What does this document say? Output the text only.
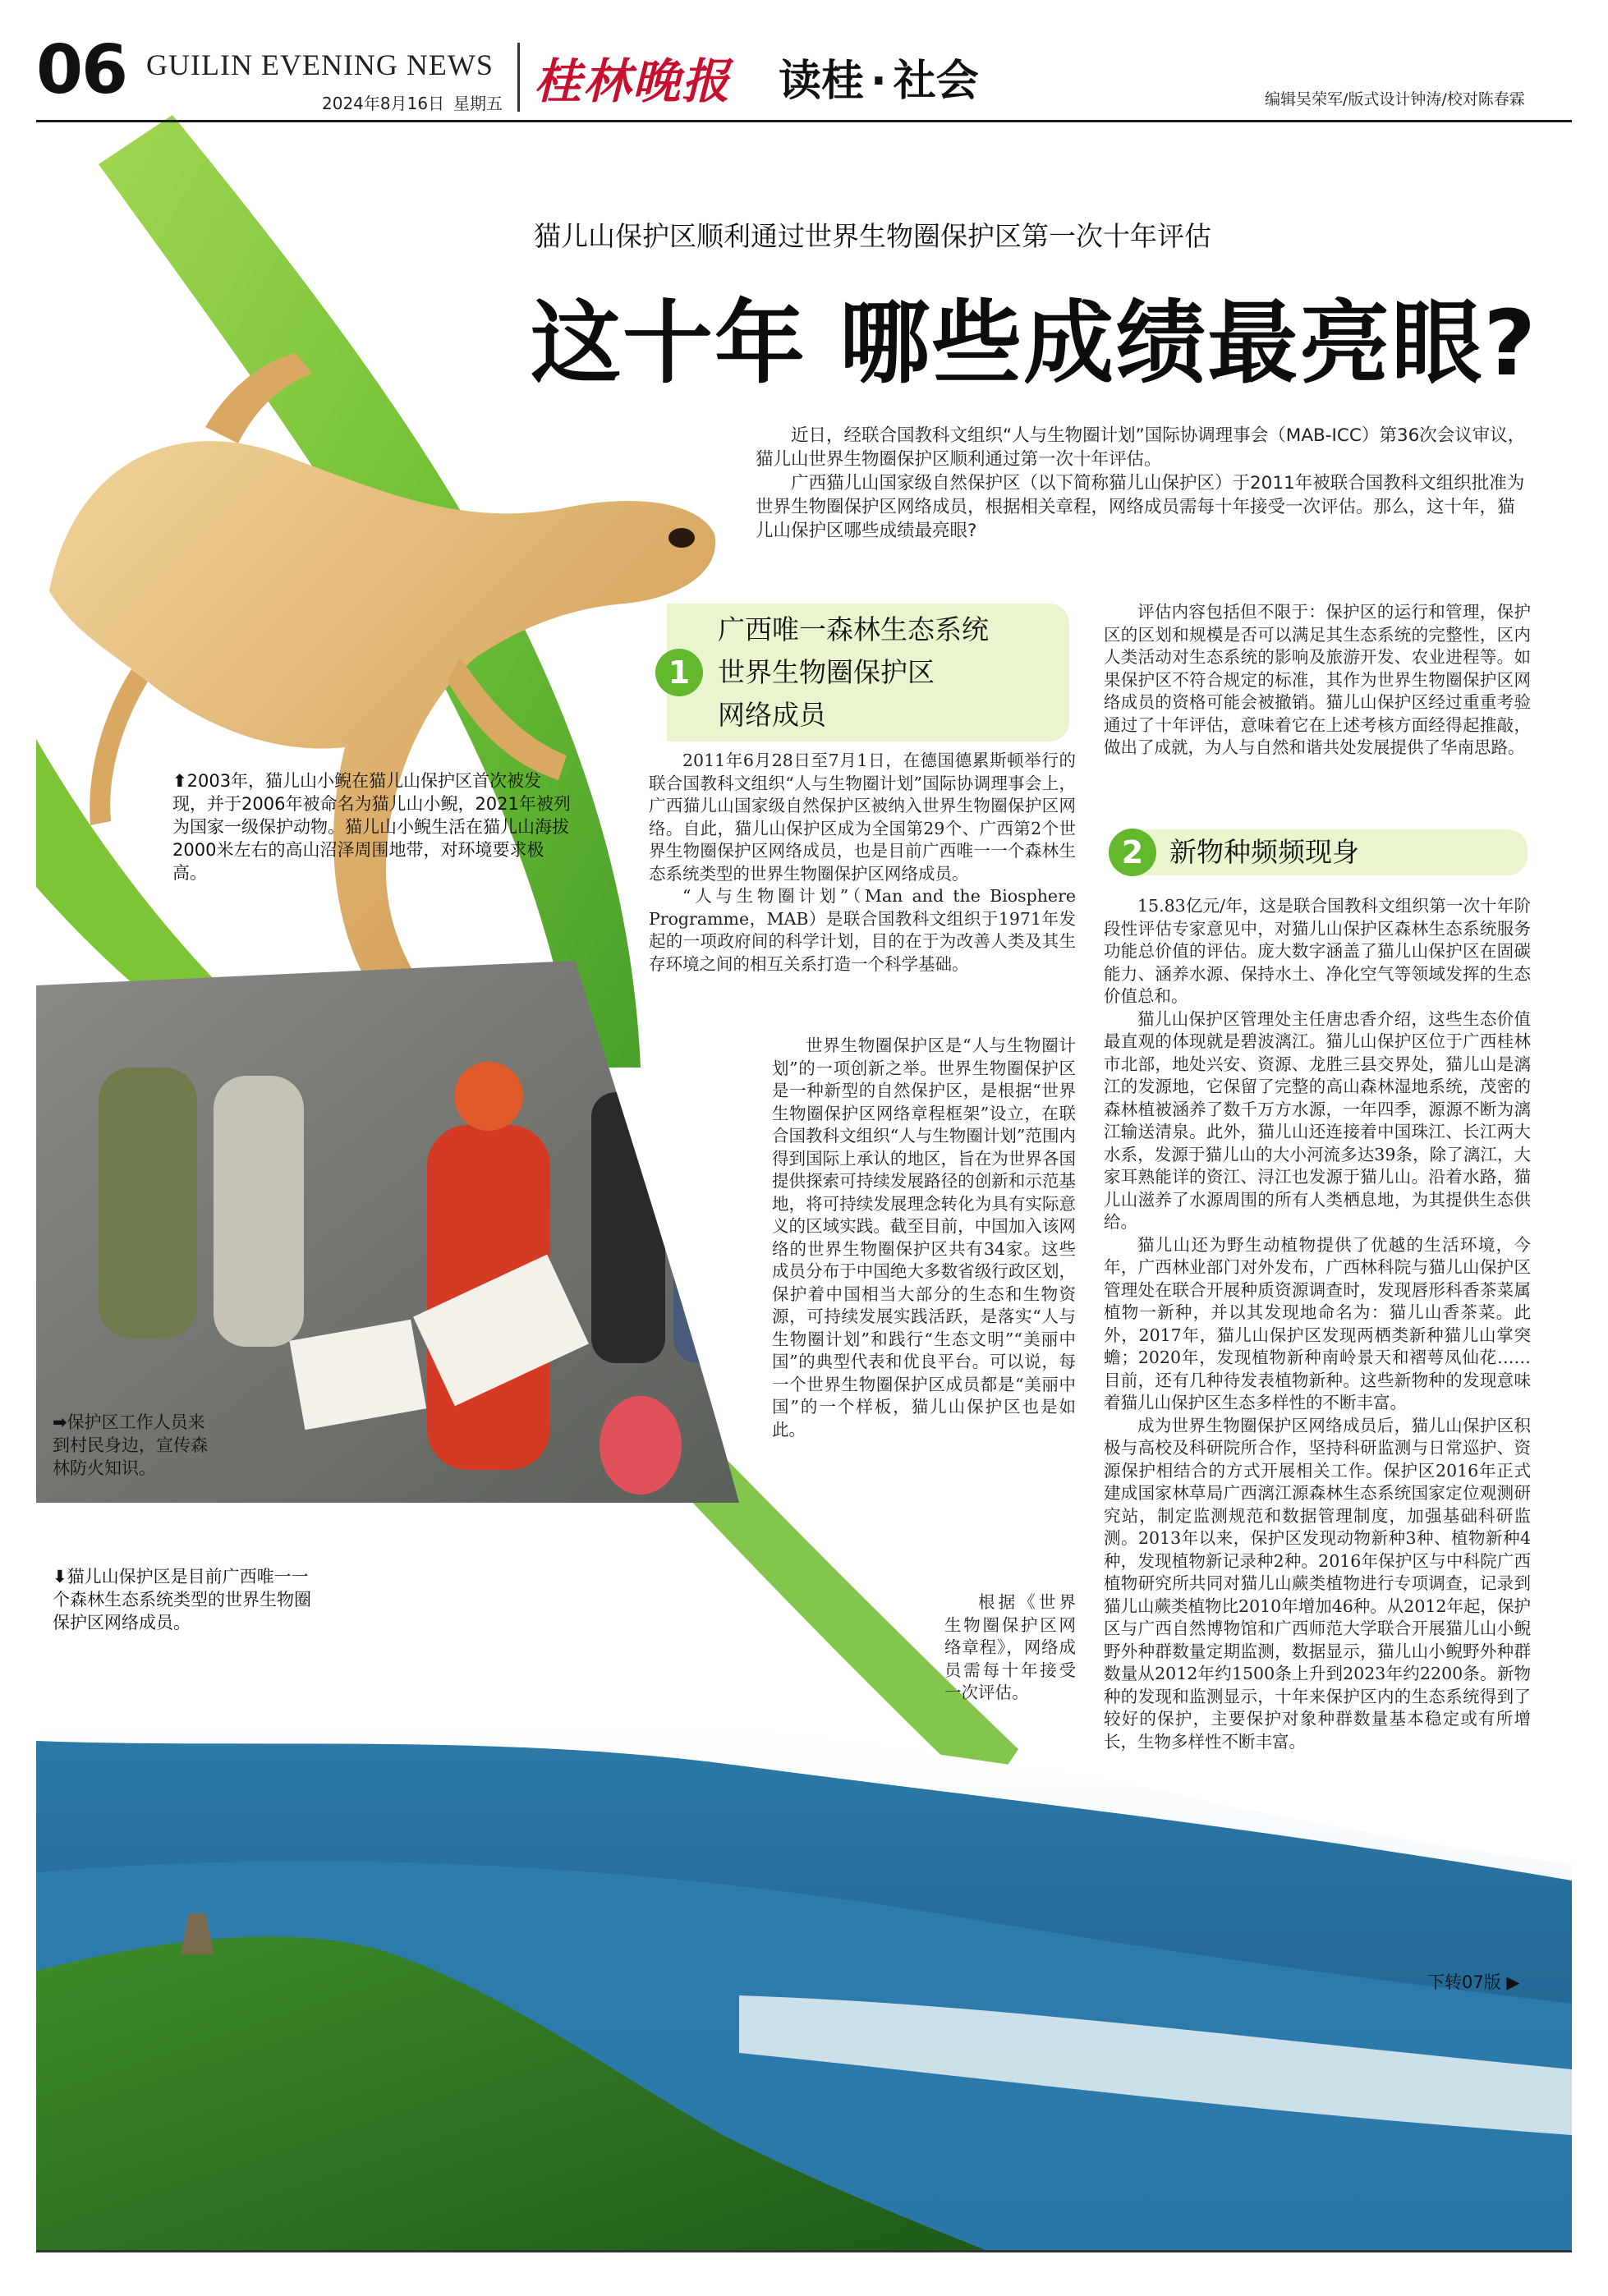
06 GUILIN EVENING NEWS
2024年8月16日 星期五 桂林晚报 读桂 · 社会	编辑吴荣军/版式设计钟涛/校对陈春霖
猫儿山保护区顺利通过世界生物圈保护区第一次十年评估
这十年 哪些成绩最亮眼?

近日，经联合国教科文组织“人与生物圈计划”国际协调理事会（MAB-ICC）第36次会议审议，猫儿山世界生物圈保护区顺利通过第一次十年评估。

广西猫儿山国家级自然保护区（以下简称猫儿山保护区）于2011年被联合国教科文组织批准为世界生物圈保护区网络成员，根据相关章程，网络成员需每十年接受一次评估。那么，这十年，猫儿山保护区哪些成绩最亮眼?

1
广西唯一森林生态系统
世界生物圈保护区
网络成员

2011年6月28日至7月1日，在德国德累斯顿举行的联合国教科文组织“人与生物圈计划”国际协调理事会上，广西猫儿山国家级自然保护区被纳入世界生物圈保护区网络。自此，猫儿山保护区成为全国第29个、广西第2个世界生物圈保护区网络成员，也是目前广西唯一一个森林生态系统类型的世界生物圈保护区网络成员。

“人与生物圈计划”（Man and the Biosphere Programme，MAB）是联合国教科文组织于1971年发起的一项政府间的科学计划，目的在于为改善人类及其生存环境之间的相互关系打造一个科学基础。

世界生物圈保护区是“人与生物圈计划”的一项创新之举。世界生物圈保护区是一种新型的自然保护区，是根据“世界生物圈保护区网络章程框架”设立，在联合国教科文组织“人与生物圈计划”范围内得到国际上承认的地区，旨在为世界各国提供探索可持续发展路径的创新和示范基地，将可持续发展理念转化为具有实际意义的区域实践。截至目前，中国加入该网络的世界生物圈保护区共有34家。这些成员分布于中国绝大多数省级行政区划，保护着中国相当大部分的生态和生物资源，可持续发展实践活跃，是落实“人与生物圈计划”和践行“生态文明”“美丽中国”的典型代表和优良平台。可以说，每一个世界生物圈保护区成员都是“美丽中国”的一个样板，猫儿山保护区也是如此。

根据《世界生物圈保护区网络章程》，网络成员需每十年接受一次评估。

评估内容包括但不限于：保护区的运行和管理，保护区的区划和规模是否可以满足其生态系统的完整性，区内人类活动对生态系统的影响及旅游开发、农业进程等。如果保护区不符合规定的标准，其作为世界生物圈保护区网络成员的资格可能会被撤销。猫儿山保护区经过重重考验通过了十年评估，意味着它在上述考核方面经得起推敲，做出了成就，为人与自然和谐共处发展提供了华南思路。

2 新物种频频现身

15.83亿元/年，这是联合国教科文组织第一次十年阶段性评估专家意见中，对猫儿山保护区森林生态系统服务功能总价值的评估。庞大数字涵盖了猫儿山保护区在固碳能力、涵养水源、保持水土、净化空气等领域发挥的生态价值总和。

猫儿山保护区管理处主任唐忠香介绍，这些生态价值最直观的体现就是碧波漓江。猫儿山保护区位于广西桂林市北部，地处兴安、资源、龙胜三县交界处，猫儿山是漓江的发源地，它保留了完整的高山森林湿地系统，茂密的森林植被涵养了数千万方水源，一年四季，源源不断为漓江输送清泉。此外，猫儿山还连接着中国珠江、长江两大水系，发源于猫儿山的大小河流多达39条，除了漓江，大家耳熟能详的资江、浔江也发源于猫儿山。沿着水路，猫儿山滋养了水源周围的所有人类栖息地，为其提供生态供给。

猫儿山还为野生动植物提供了优越的生活环境，今年，广西林业部门对外发布，广西林科院与猫儿山保护区管理处在联合开展种质资源调查时，发现唇形科香茶菜属植物一新种，并以其发现地命名为：猫儿山香茶菜。此外，2017年，猫儿山保护区发现两栖类新种猫儿山掌突蟾；2020年，发现植物新种南岭景天和褶萼凤仙花……目前，还有几种待发表植物新种。这些新物种的发现意味着猫儿山保护区生态多样性的不断丰富。

成为世界生物圈保护区网络成员后，猫儿山保护区积极与高校及科研院所合作，坚持科研监测与日常巡护、资源保护相结合的方式开展相关工作。保护区2016年正式建成国家林草局广西漓江源森林生态系统国家定位观测研究站，制定监测规范和数据管理制度，加强基础科研监测。2013年以来，保护区发现动物新种3种、植物新种4种，发现植物新记录种2种。2016年保护区与中科院广西植物研究所共同对猫儿山蕨类植物进行专项调查，记录到猫儿山蕨类植物比2010年增加46种。从2012年起，保护区与广西自然博物馆和广西师范大学联合开展猫儿山小鲵野外种群数量定期监测，数据显示，猫儿山小鲵野外种群数量从2012年约1500条上升到2023年约2200条。新物种的发现和监测显示，十年来保护区内的生态系统得到了较好的保护，主要保护对象种群数量基本稳定或有所增长，生物多样性不断丰富。

下转07版 ▶
⬆2003年，猫儿山小鲵在猫儿山保护区首次被发现，并于2006年被命名为猫儿山小鲵，2021年被列为国家一级保护动物。猫儿山小鲵生活在猫儿山海拔2000米左右的高山沼泽周围地带，对环境要求极高。
➡保护区工作人员来到村民身边，宣传森林防火知识。
⬇猫儿山保护区是目前广西唯一一个森林生态系统类型的世界生物圈保护区网络成员。
